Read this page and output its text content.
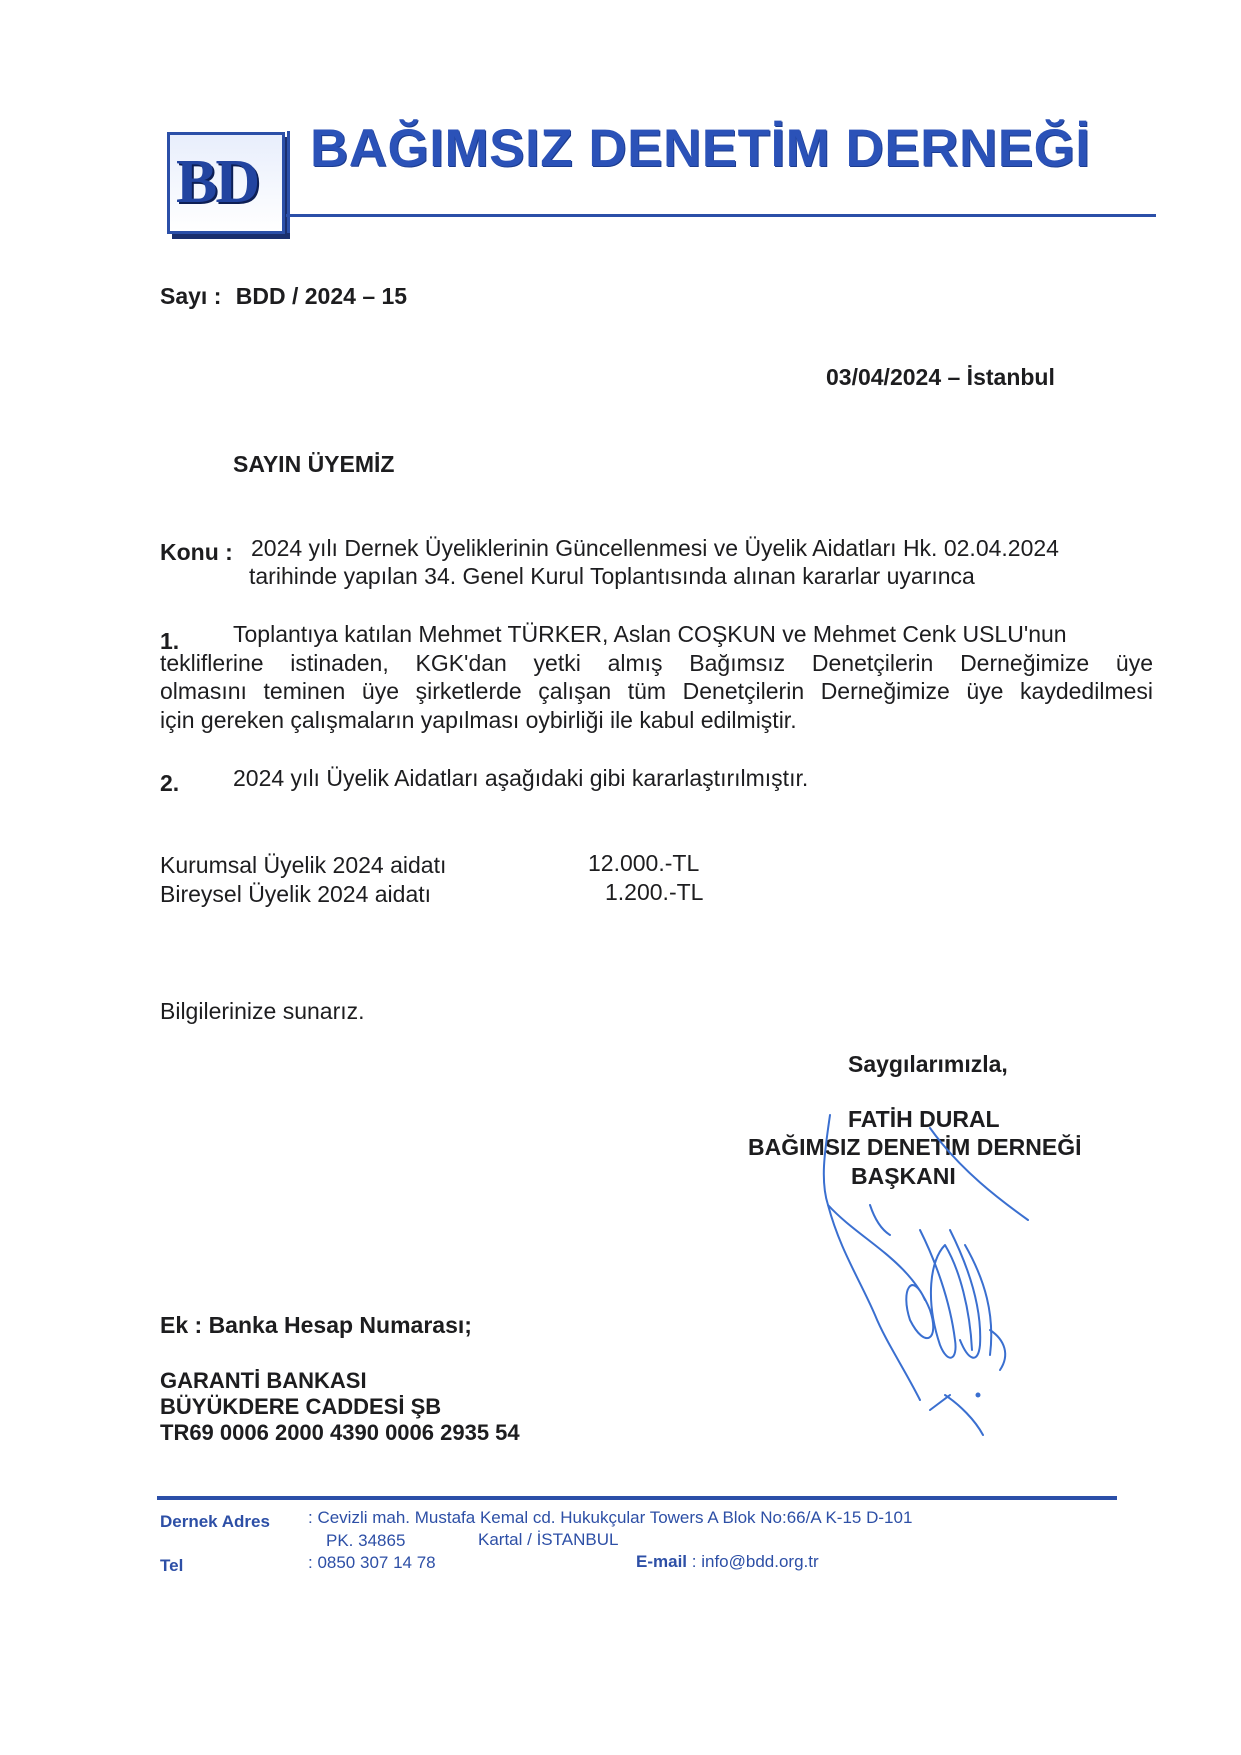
BD BAĞIMSIZ DENETİM DERNEĞİ
Sayı : BDD / 2024 – 15
03/04/2024 – İstanbul
SAYIN ÜYEMİZ
Konu : 2024 yılı Dernek Üyeliklerinin Güncellenmesi ve Üyelik Aidatları Hk. 02.04.2024
tarihinde yapılan 34. Genel Kurul Toplantısında alınan kararlar uyarınca
1. Toplantıya katılan Mehmet TÜRKER, Aslan COŞKUN ve Mehmet Cenk USLU'nun
tekliflerine istinaden, KGK'dan yetki almış Bağımsız Denetçilerin Derneğimize üye
olmasını teminen üye şirketlerde çalışan tüm Denetçilerin Derneğimize üye kaydedilmesi
için gereken çalışmaların yapılması oybirliği ile kabul edilmiştir.
2. 2024 yılı Üyelik Aidatları aşağıdaki gibi kararlaştırılmıştır.
Kurumsal Üyelik 2024 aidatı	12.000.-TL
Bireysel Üyelik 2024 aidatı	1.200.-TL
Bilgilerinize sunarız.
Saygılarımızla,
FATİH DURAL
BAĞIMSIZ DENETİM DERNEĞİ
BAŞKANI
Ek : Banka Hesap Numarası;
GARANTİ BANKASI
BÜYÜKDERE CADDESİ ŞB
TR69 0006 2000 4390 0006 2935 54
Dernek Adres : Cevizli mah. Mustafa Kemal cd. Hukukçular Towers A Blok No:66/A K-15 D-101
PK. 34865	Kartal / İSTANBUL
Tel	: 0850 307 14 78	E-mail : info@bdd.org.tr
